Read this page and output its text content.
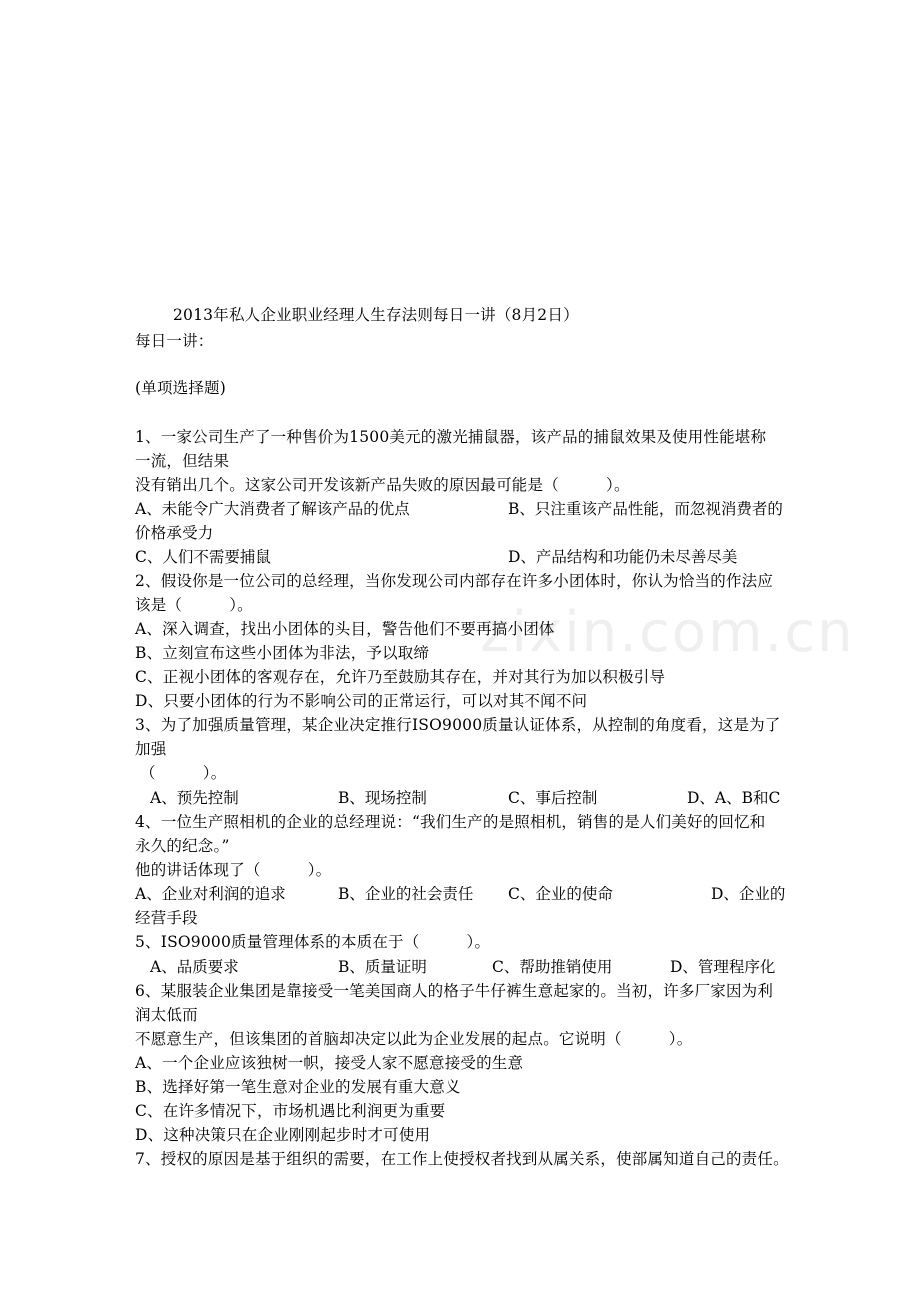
zixin.com.cn
2013年私人企业职业经理人生存法则每日一讲（8月2日）
每日一讲：
(单项选择题)
1、一家公司生产了一种售价为1500美元的激光捕鼠器，该产品的捕鼠效果及使用性能堪称
一流，但结果
没有销出几个。这家公司开发该新产品失败的原因最可能是（　　　）。
A、未能令广大消费者了解该产品的优点	B、只注重该产品性能，而忽视消费者的
价格承受力
C、人们不需要捕鼠	D、产品结构和功能仍未尽善尽美
2、假设你是一位公司的总经理，当你发现公司内部存在许多小团体时，你认为恰当的作法应
该是（　　　）。
A、深入调查，找出小团体的头目，警告他们不要再搞小团体
B、立刻宣布这些小团体为非法，予以取缔
C、正视小团体的客观存在，允许乃至鼓励其存在，并对其行为加以积极引导
D、只要小团体的行为不影响公司的正常运行，可以对其不闻不问
3、为了加强质量管理，某企业决定推行ISO9000质量认证体系，从控制的角度看，这是为了
加强
（　　　）。
A、预先控制	B、现场控制	C、事后控制	D、A、B和C
4、一位生产照相机的企业的总经理说：“我们生产的是照相机，销售的是人们美好的回忆和
永久的纪念。”
他的讲话体现了（　　　）。
A、企业对利润的追求	B、企业的社会责任 C、企业的使命	D、企业的
经营手段
5、ISO9000质量管理体系的本质在于（　　　）。
A、品质要求	B、质量证明	C、帮助推销使用	D、管理程序化
6、某服装企业集团是靠接受一笔美国商人的格子牛仔裤生意起家的。当初，许多厂家因为利
润太低而
不愿意生产，但该集团的首脑却决定以此为企业发展的起点。它说明（　　　）。
A、一个企业应该独树一帜，接受人家不愿意接受的生意
B、选择好第一笔生意对企业的发展有重大意义
C、在许多情况下，市场机遇比利润更为重要
D、这种决策只在企业刚刚起步时才可使用
7、授权的原因是基于组织的需要，在工作上使授权者找到从属关系，使部属知道自己的责任。
